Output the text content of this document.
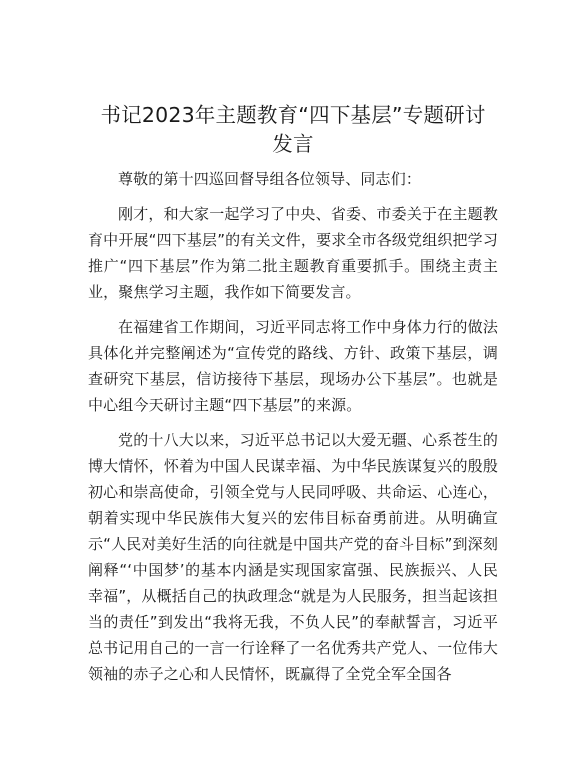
书记2023年主题教育“四下基层”专题研讨发言

尊敬的第十四巡回督导组各位领导、同志们：

刚才，和大家一起学习了中央、省委、市委关于在主题教育中开展“四下基层”的有关文件，要求全市各级党组织把学习推广“四下基层”作为第二批主题教育重要抓手。围绕主责主业，聚焦学习主题，我作如下简要发言。

在福建省工作期间，习近平同志将工作中身体力行的做法具体化并完整阐述为“宣传党的路线、方针、政策下基层，调查研究下基层，信访接待下基层，现场办公下基层”。也就是中心组今天研讨主题“四下基层”的来源。

党的十八大以来，习近平总书记以大爱无疆、心系苍生的博大情怀，怀着为中国人民谋幸福、为中华民族谋复兴的殷殷初心和崇高使命，引领全党与人民同呼吸、共命运、心连心，朝着实现中华民族伟大复兴的宏伟目标奋勇前进。从明确宣示“人民对美好生活的向往就是中国共产党的奋斗目标”到深刻阐释“‘中国梦’的基本内涵是实现国家富强、民族振兴、人民幸福”，从概括自己的执政理念“就是为人民服务，担当起该担当的责任”到发出“我将无我，不负人民”的奉献誓言，习近平总书记用自己的一言一行诠释了一名优秀共产党人、一位伟大领袖的赤子之心和人民情怀，既赢得了全党全军全国各
